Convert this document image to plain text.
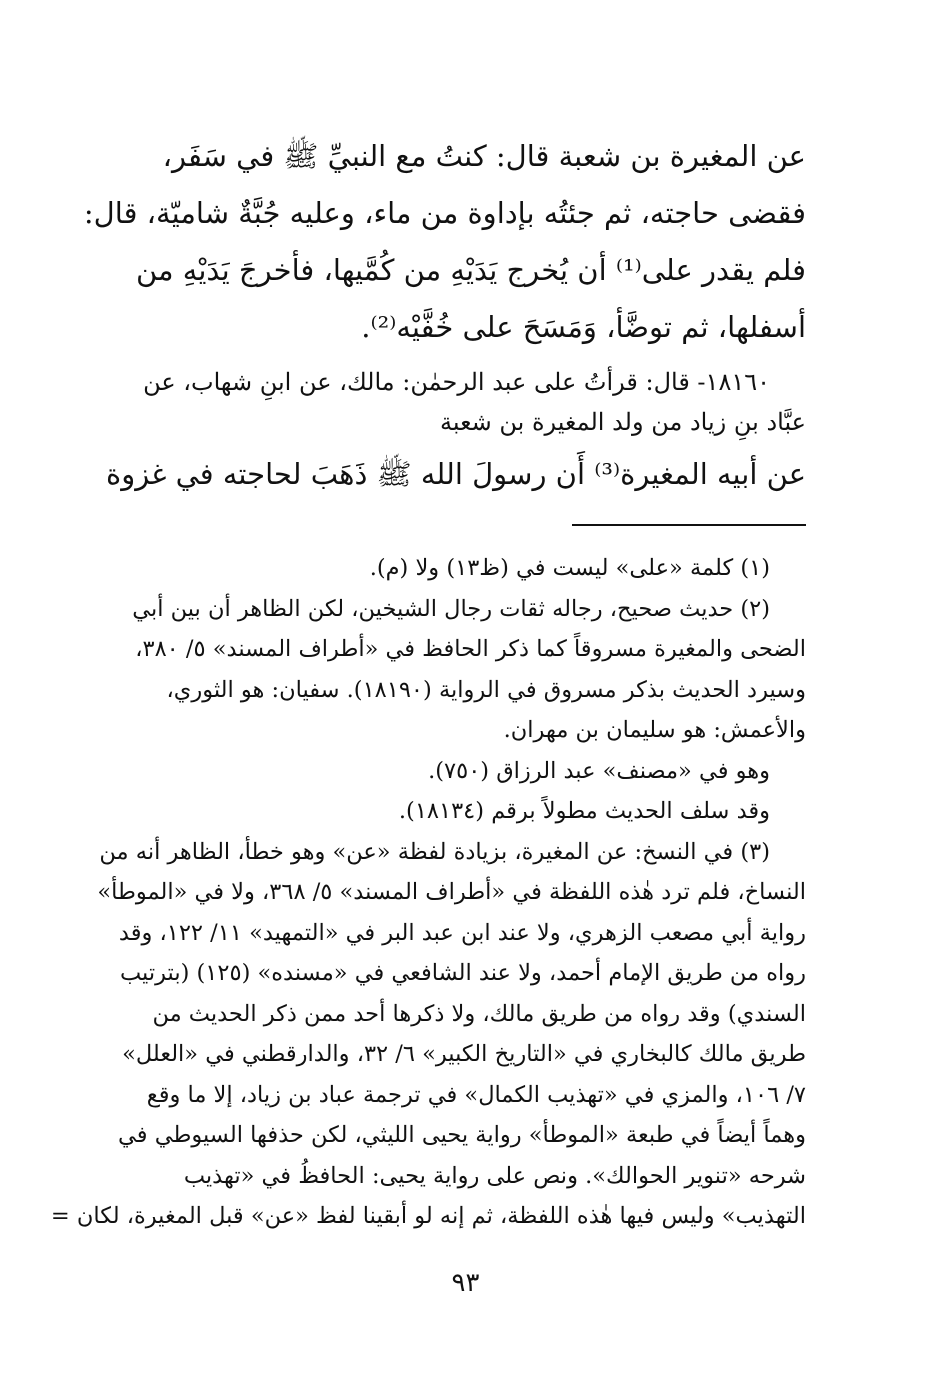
عن المغيرة بن شعبة قال: كنتُ مع النبيِّ ﷺ في سَفَر،
فقضى حاجته، ثم جئتُه بإداوة من ماء، وعليه جُبَّةٌ شاميّة، قال:
فلم يقدر على⁽¹⁾ أن يُخرج يَدَيْهِ من كُمَّيها، فأخرجَ يَدَيْهِ من
أسفلها، ثم توضَّأ، وَمَسَحَ على خُفَّيْه⁽²⁾.

١٨١٦٠- قال: قرأتُ على عبد الرحمٰن: مالك، عن ابنِ شهاب، عن
عبَّاد بنِ زياد من ولد المغيرة بن شعبة

عن أبيه المغيرة⁽³⁾ أَن رسولَ الله ﷺ ذَهَبَ لحاجته في غزوة

(١) كلمة «على» ليست في (ظ١٣) ولا (م).

(٢) حديث صحيح، رجاله ثقات رجال الشيخين، لكن الظاهر أن بين أبي
الضحى والمغيرة مسروقاً كما ذكر الحافظ في «أطراف المسند» ٥/ ٣٨٠،
وسيرد الحديث بذكر مسروق في الرواية (١٨١٩٠). سفيان: هو الثوري،
والأعمش: هو سليمان بن مهران.
وهو في «مصنف» عبد الرزاق (٧٥٠).
وقد سلف الحديث مطولاً برقم (١٨١٣٤).

(٣) في النسخ: عن المغيرة، بزيادة لفظة «عن» وهو خطأ، الظاهر أنه من
النساخ، فلم ترد هٰذه اللفظة في «أطراف المسند» ٥/ ٣٦٨، ولا في «الموطأ»
رواية أبي مصعب الزهري، ولا عند ابن عبد البر في «التمهيد» ١١/ ١٢٢، وقد
رواه من طريق الإمام أحمد، ولا عند الشافعي في «مسنده» (١٢٥) (بترتيب
السندي) وقد رواه من طريق مالك، ولا ذكرها أحد ممن ذكر الحديث من
طريق مالك كالبخاري في «التاريخ الكبير» ٦/ ٣٢، والدارقطني في «العلل»
٧/ ١٠٦، والمزي في «تهذيب الكمال» في ترجمة عباد بن زياد، إلا ما وقع
وهماً أيضاً في طبعة «الموطأ» رواية يحيى الليثي، لكن حذفها السيوطي في
شرحه «تنوير الحوالك». ونص على رواية يحيى: الحافظُ في «تهذيب
التهذيب» وليس فيها هٰذه اللفظة، ثم إنه لو أبقينا لفظ «عن» قبل المغيرة، لكان =

٩٣
